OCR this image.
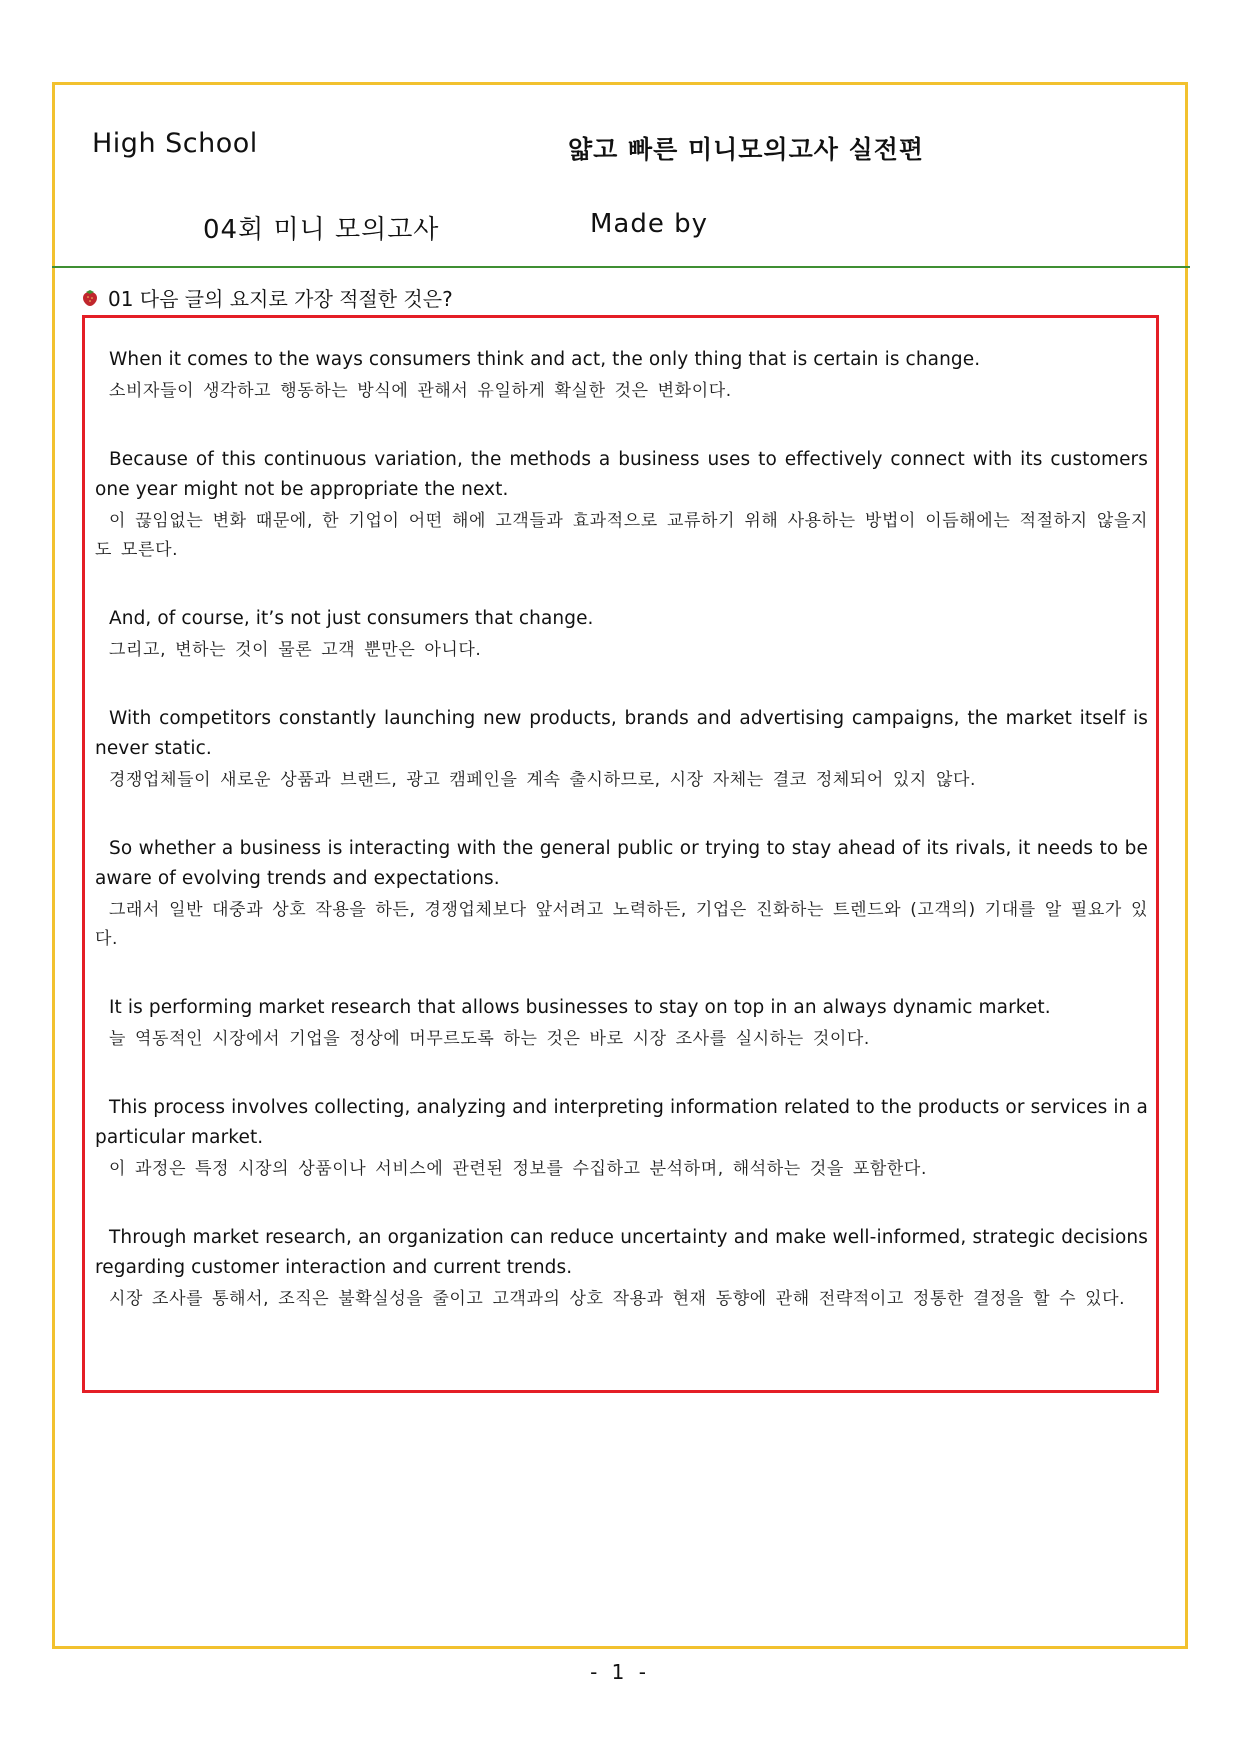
High School	얇고 빠른 미니모의고사 실전편
04회 미니 모의고사	Made by
01 다음 글의 요지로 가장 적절한 것은?
When it comes to the ways consumers think and act, the only thing that is certain is change.
소비자들이 생각하고 행동하는 방식에 관해서 유일하게 확실한 것은 변화이다.
Because of this continuous variation, the methods a business uses to effectively connect with its customers one year might not be appropriate the next.
이 끊임없는 변화 때문에, 한 기업이 어떤 해에 고객들과 효과적으로 교류하기 위해 사용하는 방법이 이듬해에는 적절하지 않을지도 모른다.
And, of course, it’s not just consumers that change.
그리고, 변하는 것이 물론 고객 뿐만은 아니다.
With competitors constantly launching new products, brands and advertising campaigns, the market itself is never static.
경쟁업체들이 새로운 상품과 브랜드, 광고 캠페인을 계속 출시하므로, 시장 자체는 결코 정체되어 있지 않다.
So whether a business is interacting with the general public or trying to stay ahead of its rivals, it needs to be aware of evolving trends and expectations.
그래서 일반 대중과 상호 작용을 하든, 경쟁업체보다 앞서려고 노력하든, 기업은 진화하는 트렌드와 (고객의) 기대를 알 필요가 있다.
It is performing market research that allows businesses to stay on top in an always dynamic market.
늘 역동적인 시장에서 기업을 정상에 머무르도록 하는 것은 바로 시장 조사를 실시하는 것이다.
This process involves collecting, analyzing and interpreting information related to the products or services in a particular market.
이 과정은 특정 시장의 상품이나 서비스에 관련된 정보를 수집하고 분석하며, 해석하는 것을 포함한다.
Through market research, an organization can reduce uncertainty and make well-informed, strategic decisions regarding customer interaction and current trends.
시장 조사를 통해서, 조직은 불확실성을 줄이고 고객과의 상호 작용과 현재 동향에 관해 전략적이고 정통한 결정을 할 수 있다.
- 1 -
